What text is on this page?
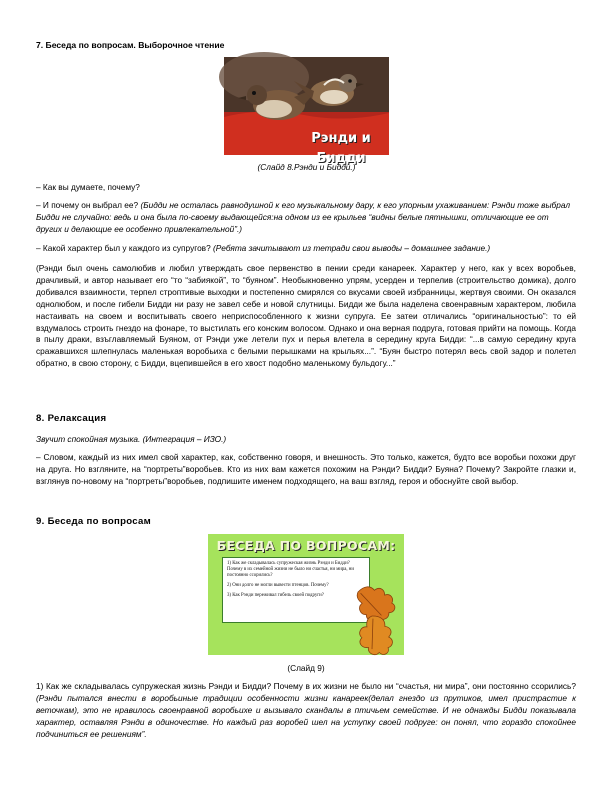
7. Беседа по вопросам. Выборочное чтение
Рэнди и Бидди
(Слайд 8.Рэнди и Бидди.)
– Как вы думаете, почему?
– И почему он выбрал ее? (Бидди не осталась равнодушной к его музыкальному дару, к его упорным ухаживанием: Рэнди тоже выбрал Бидди не случайно: ведь и она была по-своему выдающейся:на одном из ее крыльев “видны белые пятнышки, отличающие ее от других и делающие ее особенно привлекательной”.)
– Какой характер был у каждого из супругов? (Ребята зачитывают из тетради свои выводы – домашнее задание.)
(Рэнди был очень самолюбив и любил утверждать свое первенство в пении среди канареек. Характер у него, как у всех воробьев, драчливый, и автор называет его “то “забиякой”, то “буяном”. Необыкновенно упрям, усерден и терпелив (строительство домика), долго добивался взаимности, терпел строптивые выходки и постепенно смирялся со вкусами своей избранницы, жертвуя своими. Он оказался однолюбом, и после гибели Бидди ни разу не завел себе и новой слутницы. Бидди же была наделена своенравным характером, любила настаивать на своем и воспитывать своего неприспособленного к жизни супруга. Ее затеи отличались “оригинальностью”: то ей вздумалось строить гнездо на фонаре, то выстилать его конским волосом. Однако и она верная подруга, готовая прийти на помощь. Когда в пылу драки, взъглавляемый Буяном, от Рэнди уже летели пух и перья влетела в середину круга Бидди: “...в самую середину круга сражавшихся шлепнулась маленькая воробьиха с белыми перышками на крыльях...”. “Буян быстро потерял весь свой задор и полетел обратно, в свою сторону, с Бидди, вцепившейся в его хвост подобно маленькому бульдогу...”
8. Релаксация
Звучит спокойная музыка. (Интеграция – ИЗО.)
– Словом, каждый из них имел свой характер, как, собственно говоря, и внешность. Это только, кажется, будто все воробьи похожи друг на друга. Но взгляните, на “портреты”воробьев. Кто из них вам кажется похожим на Рэнди? Бидди? Буяна? Почему? Закройте глазки и, взглянув по-новому на “портреты”воробьев, подпишите именем подходящего, на ваш взгляд, героя и обоснуйте свой выбор.
9. Беседа по вопросам
БЕСЕДА ПО ВОПРОСАМ:
1) Как же складывалась супружеская жизнь Рэнди и Бидди? Почему в их семейной жизни не было ни счастья, ни мира, ни постоянно ссорились?
2) Они долго не могли вывести птенцов. Почему?
3) Как Рэнди переживал гибель своей подруги?
(Слайд 9)
1) Как же складывалась супружеская жизнь Рэнди и Бидди? Почему в их жизни не было ни “счастья, ни мира”, они постоянно ссорились? (Рэнди пытался внести в воробьиные традиции особенности жизни канареек(делал гнездо из прутиков, имел пристрастие к веточкам), это не нравилось своенравной воробьихе и вызывало скандалы в птичьем семействе. И не однажды Бидди показывала характер, оставляя Рэнди в одиночестве. Но каждый раз воробей шел на уступку своей подруге: он понял, что гораздо спокойнее подчиниться ее решениям”.
